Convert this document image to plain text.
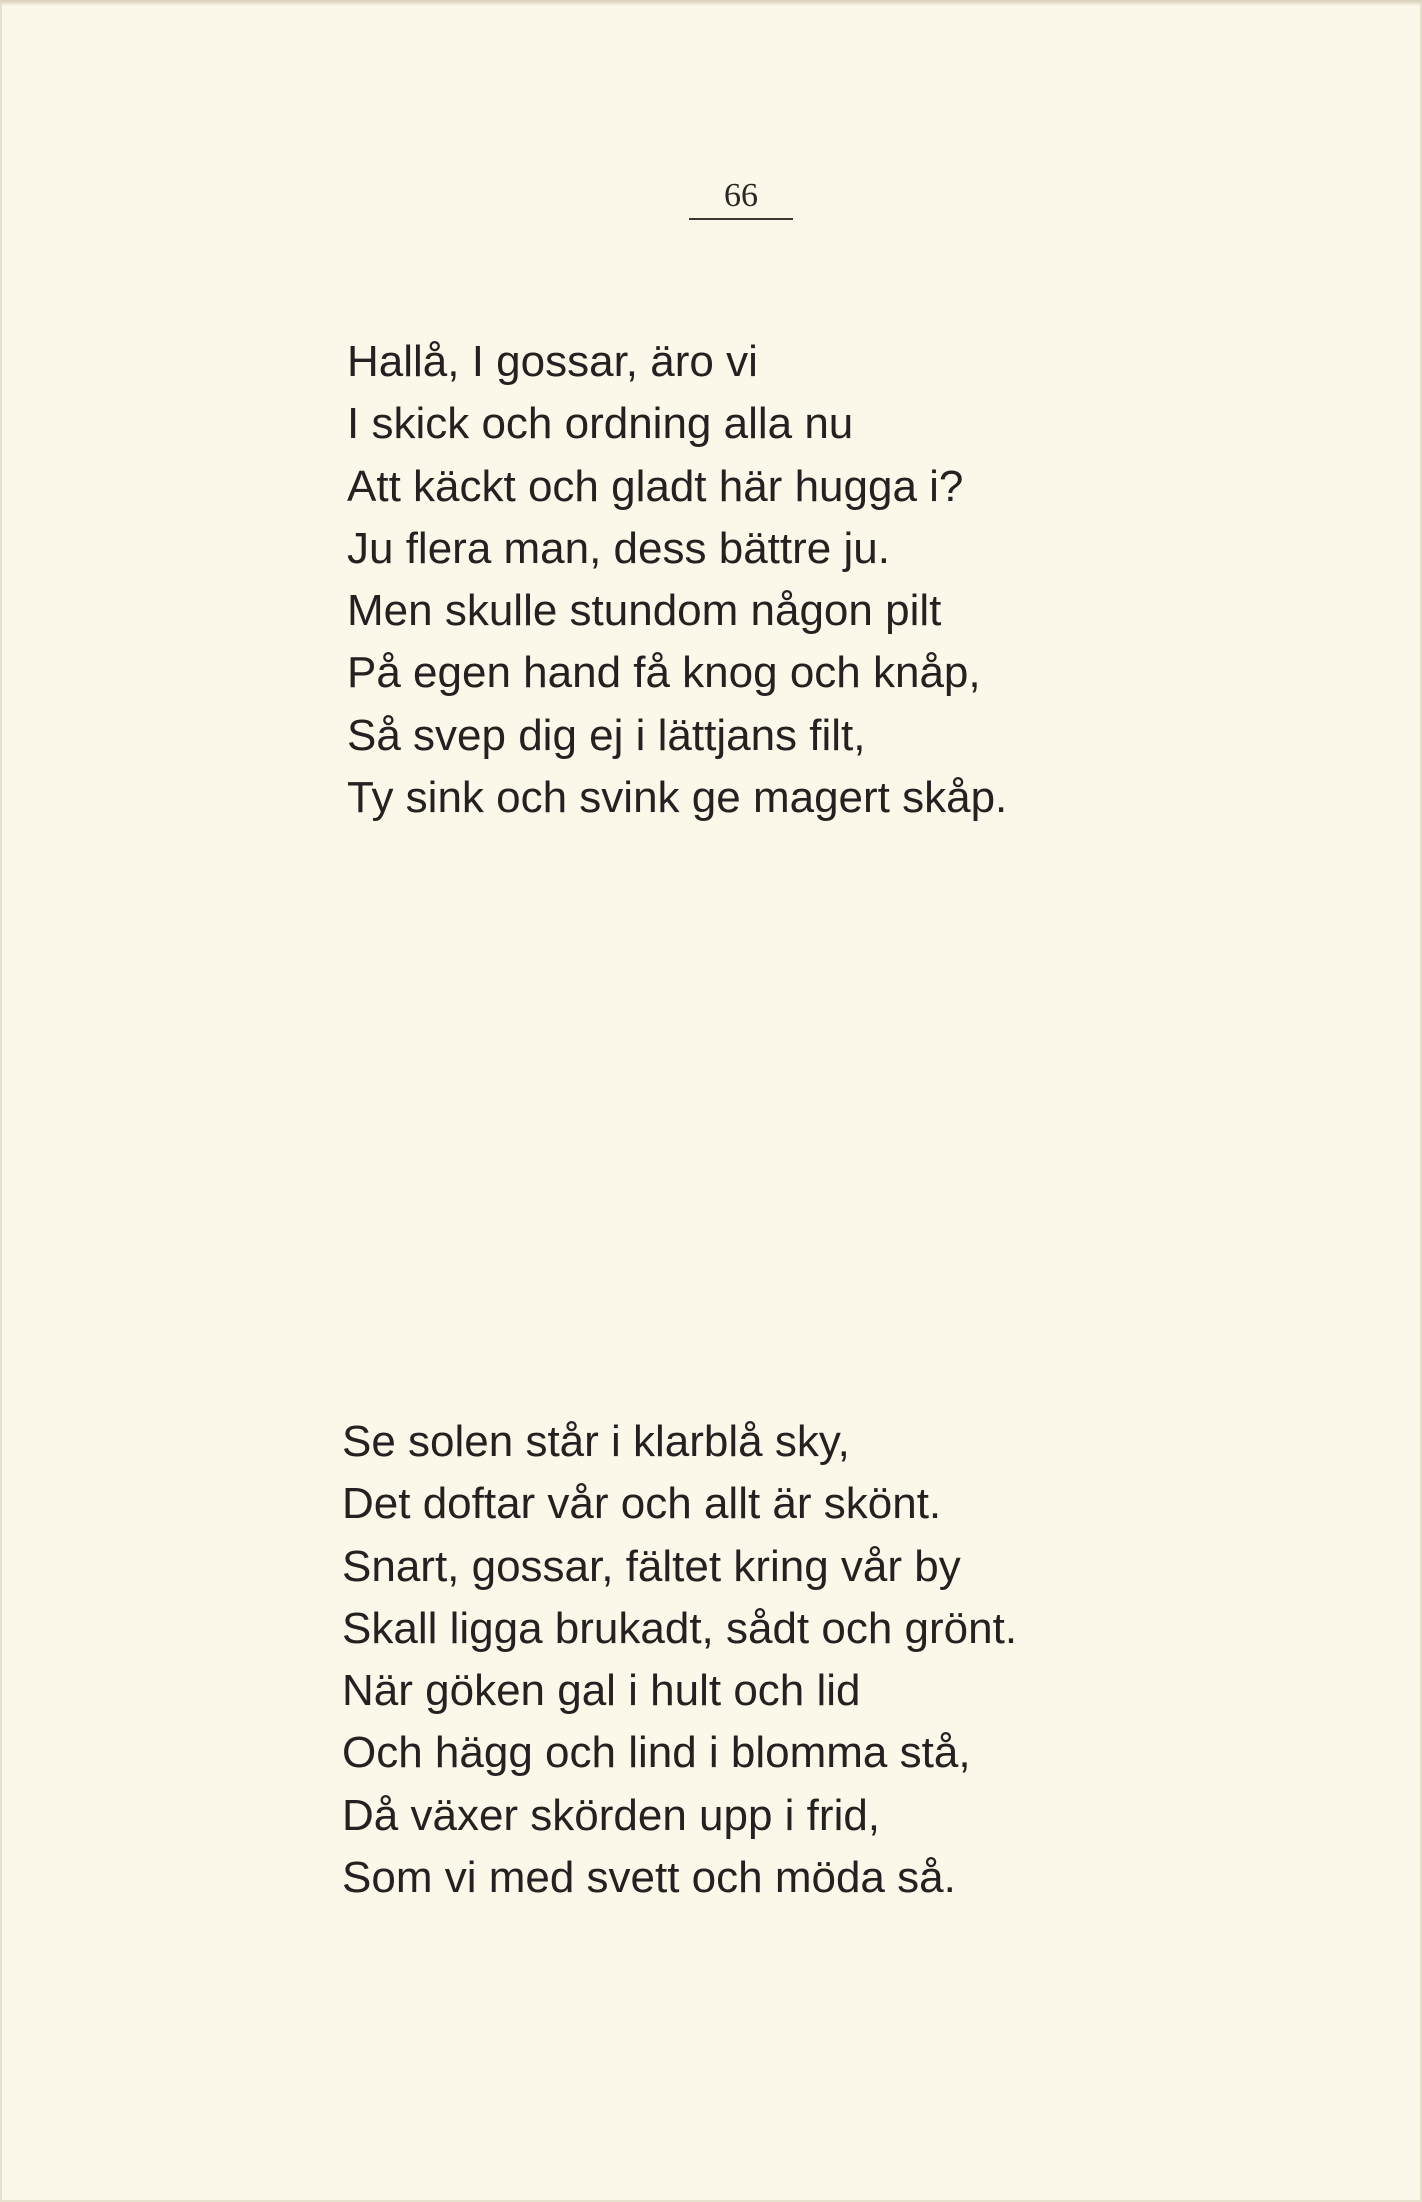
66
Hallå, I gossar, äro vi
I skick och ordning alla nu
Att käckt och gladt här hugga i?
Ju flera man, dess bättre ju.
Men skulle stundom någon pilt
På egen hand få knog och knåp,
Så svep dig ej i lättjans filt,
Ty sink och svink ge magert skåp.
Se solen står i klarblå sky,
Det doftar vår och allt är skönt.
Snart, gossar, fältet kring vår by
Skall ligga brukadt, sådt och grönt.
När göken gal i hult och lid
Och hägg och lind i blomma stå,
Då växer skörden upp i frid,
Som vi med svett och möda så.
